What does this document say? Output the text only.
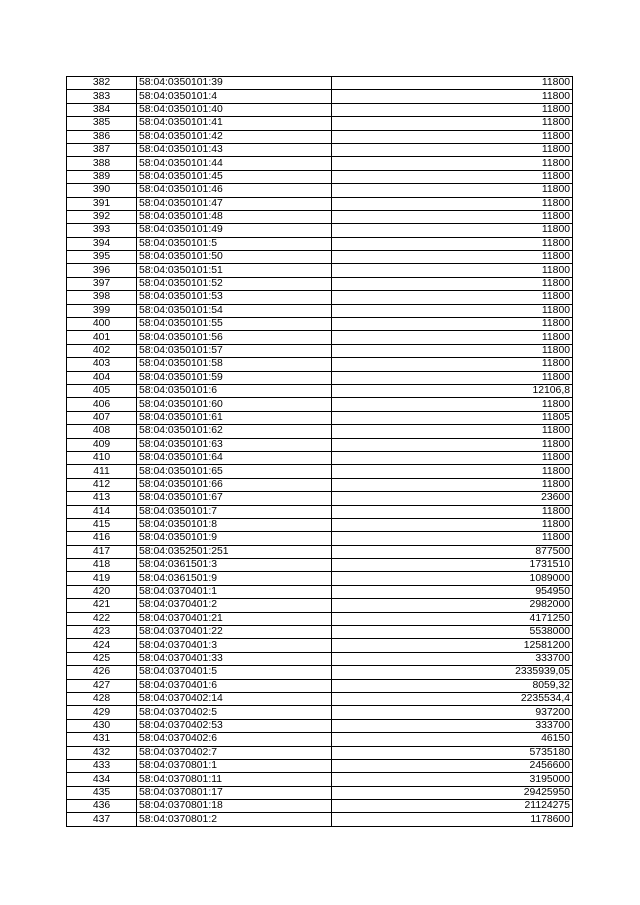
382	58:04:0350101:39	11800
383	58:04:0350101:4	11800
384	58:04:0350101:40	11800
385	58:04:0350101:41	11800
386	58:04:0350101:42	11800
387	58:04:0350101:43	11800
388	58:04:0350101:44	11800
389	58:04:0350101:45	11800
390	58:04:0350101:46	11800
391	58:04:0350101:47	11800
392	58:04:0350101:48	11800
393	58:04:0350101:49	11800
394	58:04:0350101:5	11800
395	58:04:0350101:50	11800
396	58:04:0350101:51	11800
397	58:04:0350101:52	11800
398	58:04:0350101:53	11800
399	58:04:0350101:54	11800
400	58:04:0350101:55	11800
401	58:04:0350101:56	11800
402	58:04:0350101:57	11800
403	58:04:0350101:58	11800
404	58:04:0350101:59	11800
405	58:04:0350101:6	12106,8
406	58:04:0350101:60	11800
407	58:04:0350101:61	11805
408	58:04:0350101:62	11800
409	58:04:0350101:63	11800
410	58:04:0350101:64	11800
411	58:04:0350101:65	11800
412	58:04:0350101:66	11800
413	58:04:0350101:67	23600
414	58:04:0350101:7	11800
415	58:04:0350101:8	11800
416	58:04:0350101:9	11800
417	58:04:0352501:251	877500
418	58:04:0361501:3	1731510
419	58:04:0361501:9	1089000
420	58:04:0370401:1	954950
421	58:04:0370401:2	2982000
422	58:04:0370401:21	4171250
423	58:04:0370401:22	5538000
424	58:04:0370401:3	12581200
425	58:04:0370401:33	333700
426	58:04:0370401:5	2335939,05
427	58:04:0370401:6	8059,32
428	58:04:0370402:14	2235534,4
429	58:04:0370402:5	937200
430	58:04:0370402:53	333700
431	58:04:0370402:6	46150
432	58:04:0370402:7	5735180
433	58:04:0370801:1	2456600
434	58:04:0370801:11	3195000
435	58:04:0370801:17	29425950
436	58:04:0370801:18	21124275
437	58:04:0370801:2	1178600
